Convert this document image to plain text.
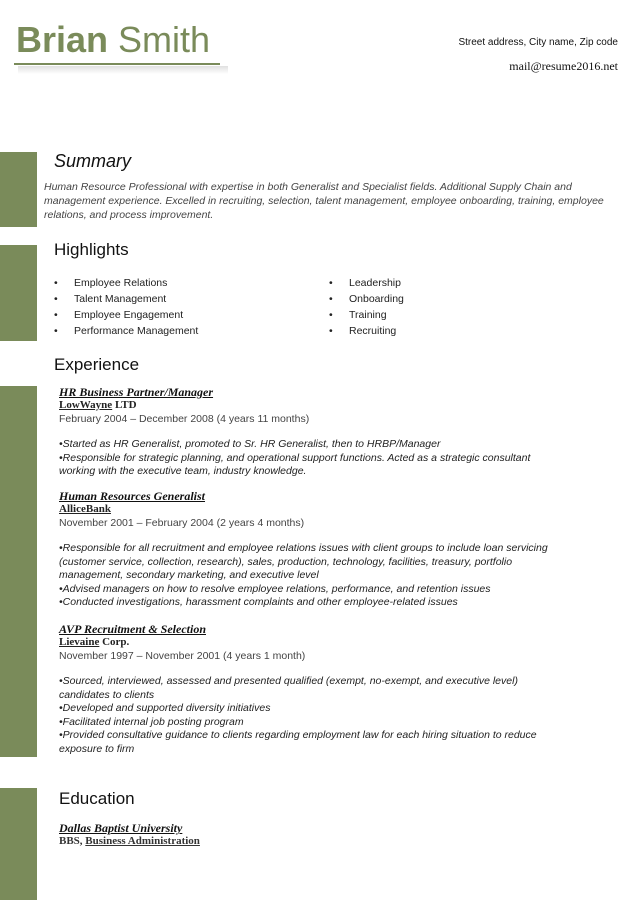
Brian Smith	Street address, City name, Zip code
mail@resume2016.net
Summary
Human Resource Professional with expertise in both Generalist and Specialist fields. Additional Supply Chain and management experience. Excelled in recruiting, selection, talent management, employee onboarding, training, employee relations, and process improvement.
Highlights
• Employee Relations
• Talent Management
• Employee Engagement
• Performance Management
• Leadership
• Onboarding
• Training
• Recruiting
Experience
HR Business Partner/Manager
LowWayne LTD
February 2004 – December 2008 (4 years 11 months)
•Started as HR Generalist, promoted to Sr. HR Generalist, then to HRBP/Manager
•Responsible for strategic planning, and operational support functions. Acted as a strategic consultant working with the executive team, industry knowledge.
Human Resources Generalist
AlliceBank
November 2001 – February 2004 (2 years 4 months)
•Responsible for all recruitment and employee relations issues with client groups to include loan servicing (customer service, collection, research), sales, production, technology, facilities, treasury, portfolio management, secondary marketing, and executive level
•Advised managers on how to resolve employee relations, performance, and retention issues
•Conducted investigations, harassment complaints and other employee-related issues
AVP Recruitment & Selection
Lievaine Corp.
November 1997 – November 2001 (4 years 1 month)
•Sourced, interviewed, assessed and presented qualified (exempt, no-exempt, and executive level) candidates to clients
•Developed and supported diversity initiatives
•Facilitated internal job posting program
•Provided consultative guidance to clients regarding employment law for each hiring situation to reduce exposure to firm
Education
Dallas Baptist University
BBS, Business Administration
